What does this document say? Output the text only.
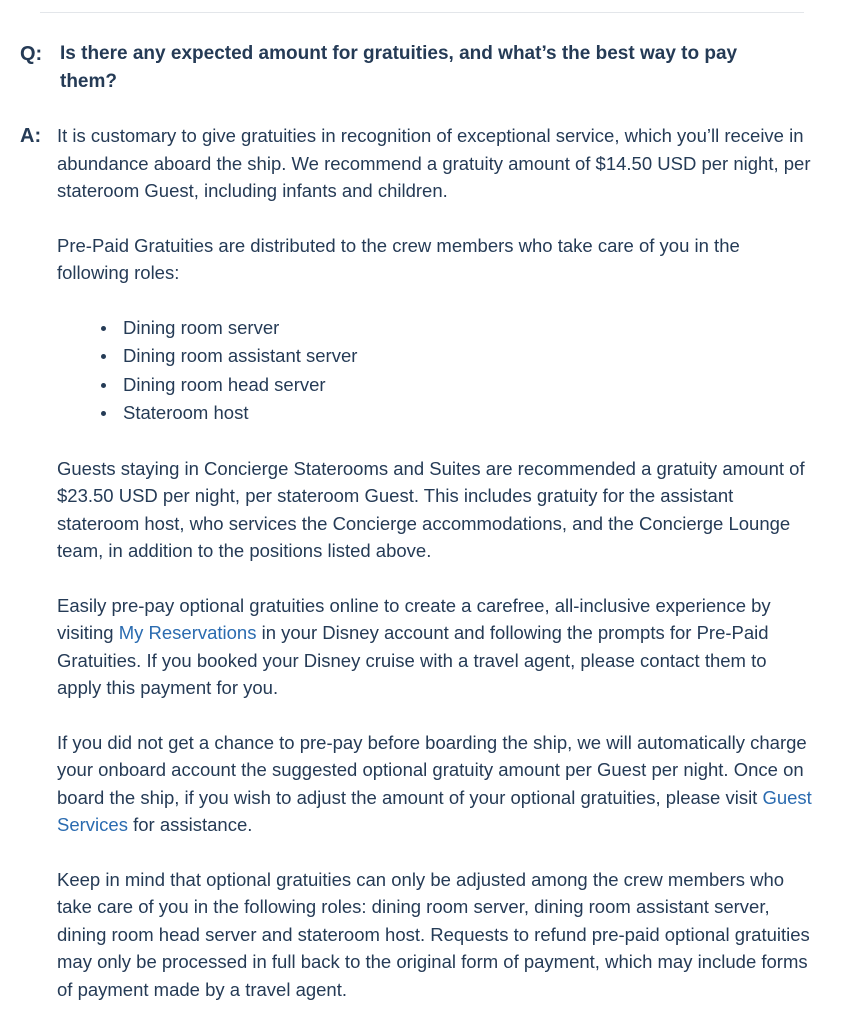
Q: Is there any expected amount for gratuities, and what’s the best way to pay them?
A: It is customary to give gratuities in recognition of exceptional service, which you’ll receive in abundance aboard the ship. We recommend a gratuity amount of $14.50 USD per night, per stateroom Guest, including infants and children.

Pre-Paid Gratuities are distributed to the crew members who take care of you in the following roles:

Dining room server
Dining room assistant server
Dining room head server
Stateroom host

Guests staying in Concierge Staterooms and Suites are recommended a gratuity amount of $23.50 USD per night, per stateroom Guest. This includes gratuity for the assistant stateroom host, who services the Concierge accommodations, and the Concierge Lounge team, in addition to the positions listed above.

Easily pre-pay optional gratuities online to create a carefree, all-inclusive experience by visiting My Reservations in your Disney account and following the prompts for Pre-Paid Gratuities. If you booked your Disney cruise with a travel agent, please contact them to apply this payment for you.

If you did not get a chance to pre-pay before boarding the ship, we will automatically charge your onboard account the suggested optional gratuity amount per Guest per night. Once on board the ship, if you wish to adjust the amount of your optional gratuities, please visit Guest Services for assistance.

Keep in mind that optional gratuities can only be adjusted among the crew members who take care of you in the following roles: dining room server, dining room assistant server, dining room head server and stateroom host. Requests to refund pre-paid optional gratuities may only be processed in full back to the original form of payment, which may include forms of payment made by a travel agent.
